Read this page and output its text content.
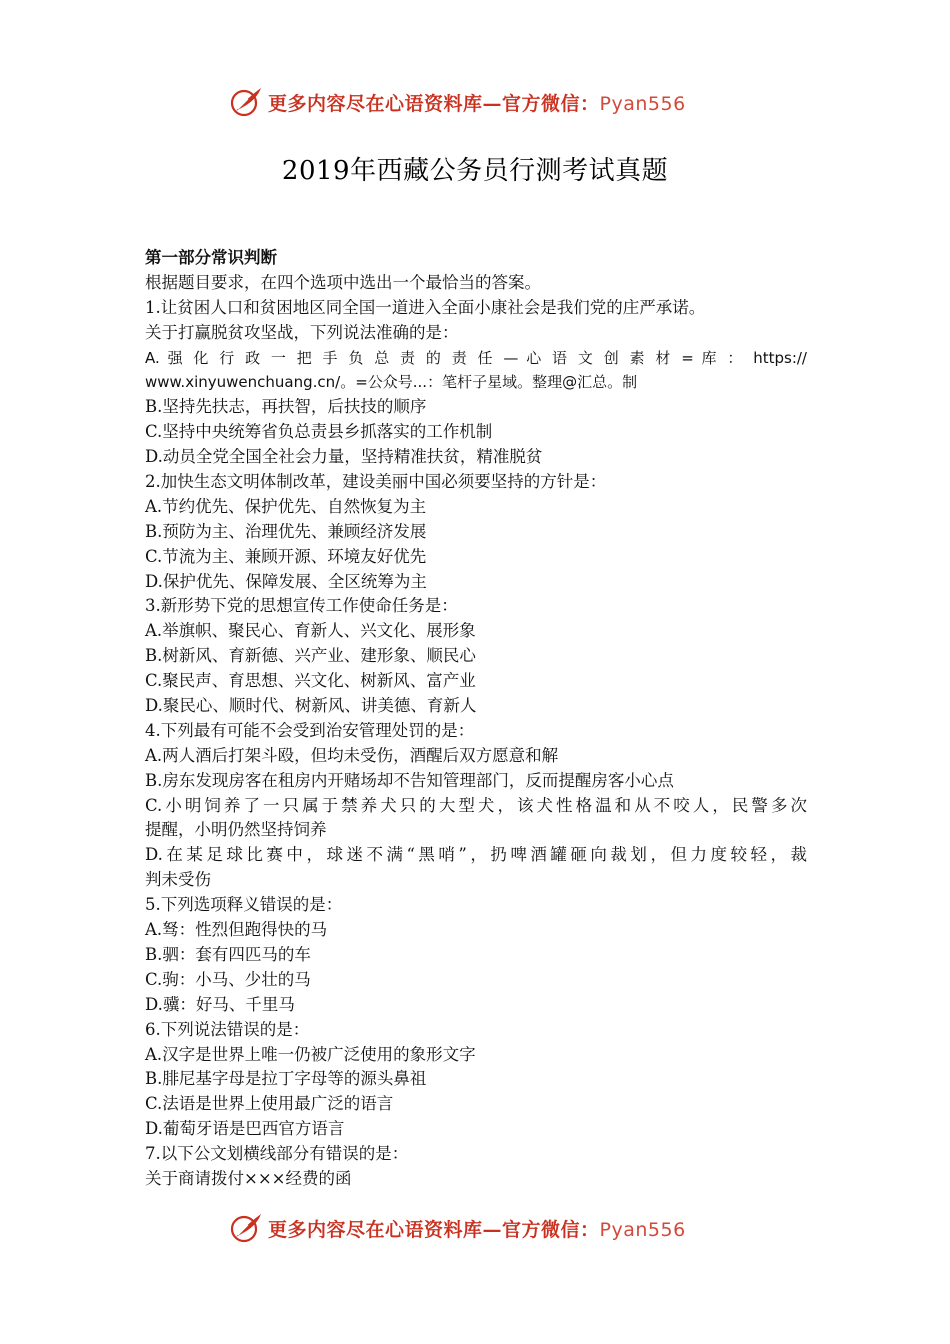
更多内容尽在心语资料库—官方微信：Pyan556
2019年西藏公务员行测考试真题
第一部分常识判断
根据题目要求，在四个选项中选出一个最恰当的答案。
1.让贫困人口和贫困地区同全国一道进入全面小康社会是我们党的庄严承诺。
关于打赢脱贫攻坚战，下列说法准确的是：
A. 强 化 行 政 一 把 手 负 总 责 的 责 任 — 心 语 文 创 素 材 = 库 ： https://
www.xinyuwenchuang.cn/。=公众号...：笔杆子星域。整理@汇总。制
B.坚持先扶志，再扶智，后扶技的顺序
C.坚持中央统筹省负总责县乡抓落实的工作机制
D.动员全党全国全社会力量，坚持精准扶贫，精准脱贫
2.加快生态文明体制改革，建设美丽中国必须要坚持的方针是：
A.节约优先、保护优先、自然恢复为主
B.预防为主、治理优先、兼顾经济发展
C.节流为主、兼顾开源、环境友好优先
D.保护优先、保障发展、全区统筹为主
3.新形势下党的思想宣传工作使命任务是：
A.举旗帜、聚民心、育新人、兴文化、展形象
B.树新风、育新德、兴产业、建形象、顺民心
C.聚民声、育思想、兴文化、树新风、富产业
D.聚民心、顺时代、树新风、讲美德、育新人
4.下列最有可能不会受到治安管理处罚的是：
A.两人酒后打架斗殴，但均未受伤，酒醒后双方愿意和解
B.房东发现房客在租房内开赌场却不告知管理部门，反而提醒房客小心点
C.小明饲养了一只属于禁养犬只的大型犬，该犬性格温和从不咬人，民警多次
提醒，小明仍然坚持饲养
D.在某足球比赛中，球迷不满“黑哨”，扔啤酒罐砸向裁划，但力度较轻，裁
判未受伤
5.下列选项释义错误的是：
A.驽：性烈但跑得快的马
B.驷：套有四匹马的车
C.驹：小马、少壮的马
D.骥：好马、千里马
6.下列说法错误的是：
A.汉字是世界上唯一仍被广泛使用的象形文字
B.腓尼基字母是拉丁字母等的源头鼻祖
C.法语是世界上使用最广泛的语言
D.葡萄牙语是巴西官方语言
7.以下公文划横线部分有错误的是：
关于商请拨付×××经费的函
更多内容尽在心语资料库—官方微信：Pyan556
